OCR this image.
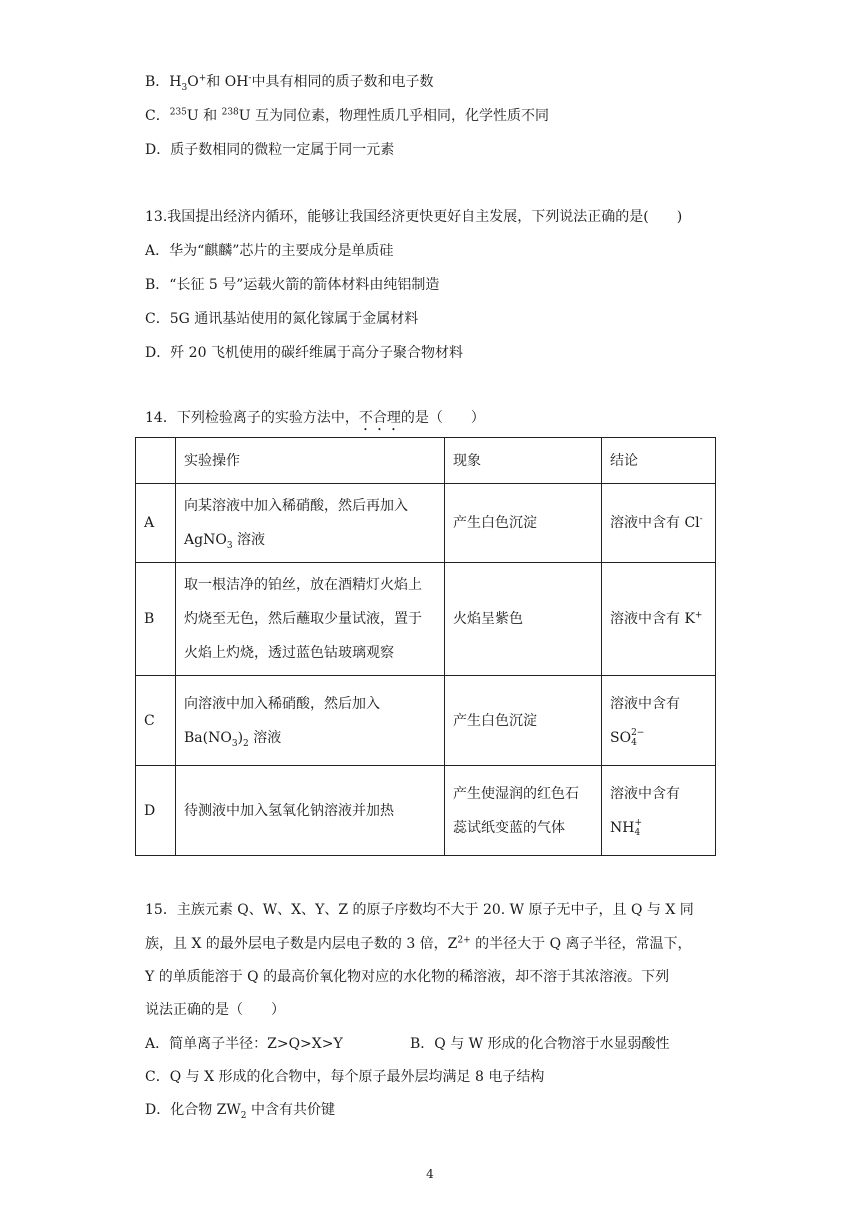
B．$H_3O^+$和 OH-中具有相同的质子数和电子数
C．$^{235}$U 和 $^{238}$U 互为同位素，物理性质几乎相同，化学性质不同
D．质子数相同的微粒一定属于同一元素
13.我国提出经济内循环，能够让我国经济更快更好自主发展，下列说法正确的是(　　)
A．华为“麒麟”芯片的主要成分是单质硅
B．“长征 5 号”运载火箭的箭体材料由纯铝制造
C．5G 通讯基站使用的氮化镓属于金属材料
D．歼 20 飞机使用的碳纤维属于高分子聚合物材料
14．下列检验离子的实验方法中，不合理的是（　　）
	实验操作	现象	结论
A	向某溶液中加入稀硝酸，然后再加入
AgNO$_3$ 溶液	产生白色沉淀	溶液中含有 Cl-
B	取一根洁净的铂丝，放在酒精灯火焰上
灼烧至无色，然后蘸取少量试液，置于
火焰上灼烧，透过蓝色钴玻璃观察	火焰呈紫色	溶液中含有 K+
C	向溶液中加入稀硝酸，然后加入
$Ba(NO_3)_2$ 溶液	产生白色沉淀	溶液中含有
SO2−
4
D	待测液中加入氢氧化钠溶液并加热	产生使湿润的红色石
蕊试纸变蓝的气体	溶液中含有
NH+
4
15．主族元素 Q、W、X、Y、Z 的原子序数均不大于 20. W 原子无中子，且 Q 与 X 同
族，且 X 的最外层电子数是内层电子数的 3 倍，$Z^{2+}$ 的半径大于 Q 离子半径，常温下，
Y 的单质能溶于 Q 的最高价氧化物对应的水化物的稀溶液，却不溶于其浓溶液。下列
说法正确的是（　　）
A．简单离子半径：Z>Q>X>Y	B．Q 与 W 形成的化合物溶于水显弱酸性
C．Q 与 X 形成的化合物中，每个原子最外层均满足 8 电子结构
D．化合物 $ZW_2$ 中含有共价键
4
